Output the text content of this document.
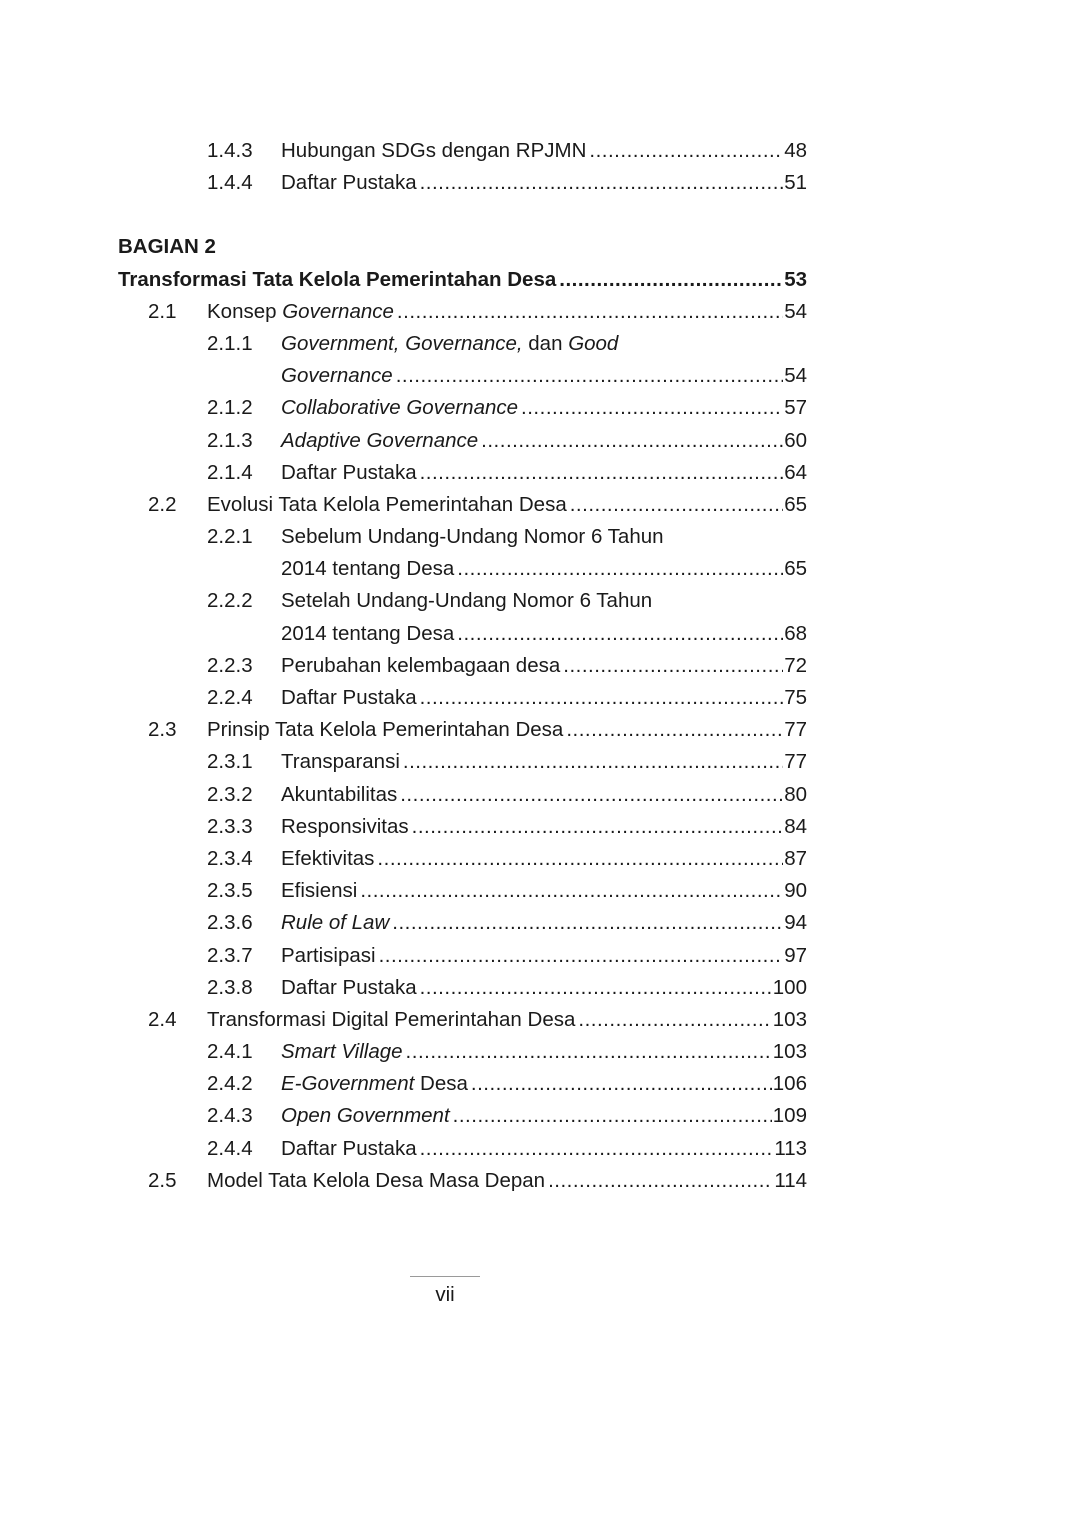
1.4.3 Hubungan SDGs dengan RPJMN .....	48
1.4.4 Daftar Pustaka .....	51
BAGIAN 2
Transformasi Tata Kelola Pemerintahan Desa .....	53
2.1 Konsep Governance .....	54
2.1.1 Government, Governance, dan Good
Governance .....	54
2.1.2 Collaborative Governance .....	57
2.1.3 Adaptive Governance .....	60
2.1.4 Daftar Pustaka .....	64
2.2 Evolusi Tata Kelola Pemerintahan Desa .....	65
2.2.1 Sebelum Undang-Undang Nomor 6 Tahun
2014 tentang Desa .....	65
2.2.2 Setelah Undang-Undang Nomor 6 Tahun
2014 tentang Desa .....	68
2.2.3 Perubahan kelembagaan desa .....	72
2.2.4 Daftar Pustaka .....	75
2.3 Prinsip Tata Kelola Pemerintahan Desa .....	77
2.3.1 Transparansi .....	77
2.3.2 Akuntabilitas .....	80
2.3.3 Responsivitas .....	84
2.3.4 Efektivitas .....	87
2.3.5 Efisiensi .....	90
2.3.6 Rule of Law .....	94
2.3.7 Partisipasi .....	97
2.3.8 Daftar Pustaka .....	100
2.4 Transformasi Digital Pemerintahan Desa .....	103
2.4.1 Smart Village .....	103
2.4.2 E-Government Desa .....	106
2.4.3 Open Government .....	109
2.4.4 Daftar Pustaka .....	113
2.5 Model Tata Kelola Desa Masa Depan .....	114
vii
